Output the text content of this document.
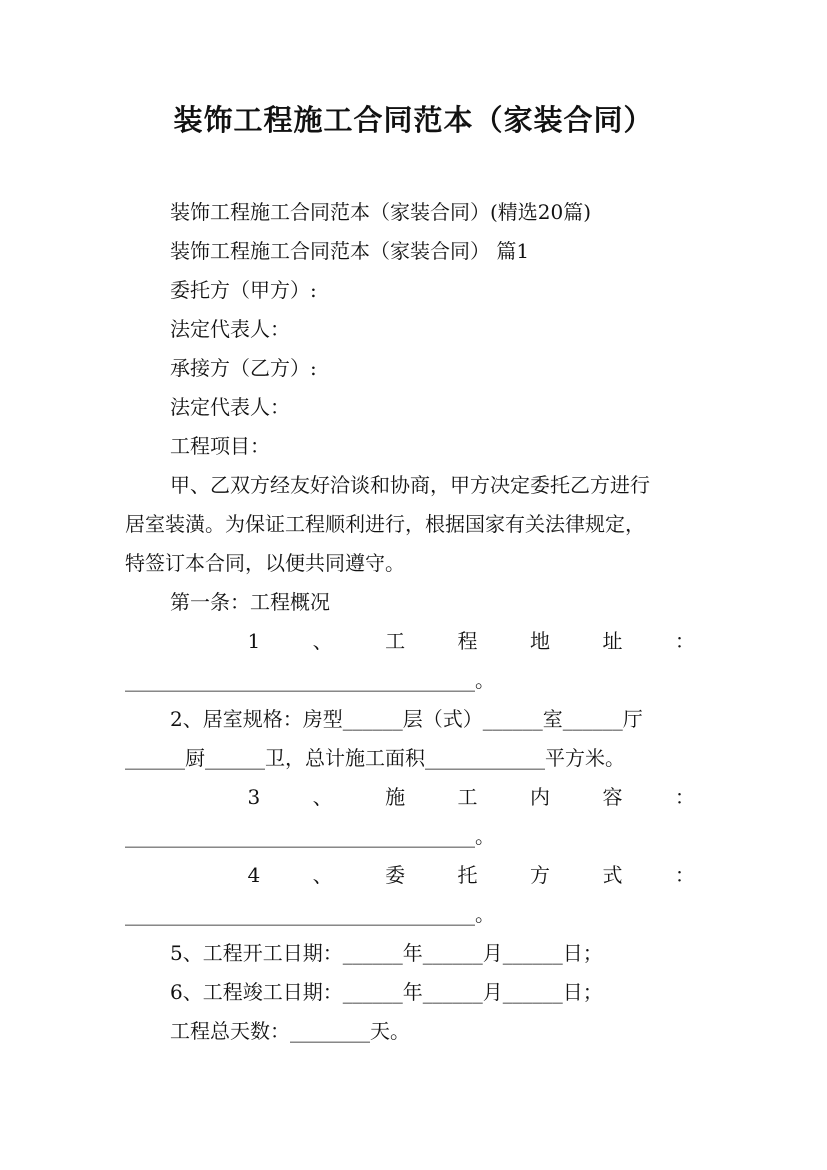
装饰工程施工合同范本（家装合同）
装饰工程施工合同范本（家装合同）(精选20篇)
装饰工程施工合同范本（家装合同） 篇1
委托方（甲方）:
法定代表人：
承接方（乙方）:
法定代表人：
工程项目：
甲、乙双方经友好洽谈和协商，甲方决定委托乙方进行
居室装潢。为保证工程顺利进行，根据国家有关法律规定，
特签订本合同，以便共同遵守。
第一条：工程概况
1	、	工	程	地	址	：
___________________________________。
2、居室规格：房型______层（式）______室______厅
______厨______卫，总计施工面积____________平方米。
3	、	施	工	内	容	：
___________________________________。
4	、	委	托	方	式	：
___________________________________。
5、工程开工日期：______年______月______日；
6、工程竣工日期：______年______月______日；
工程总天数：________天。
